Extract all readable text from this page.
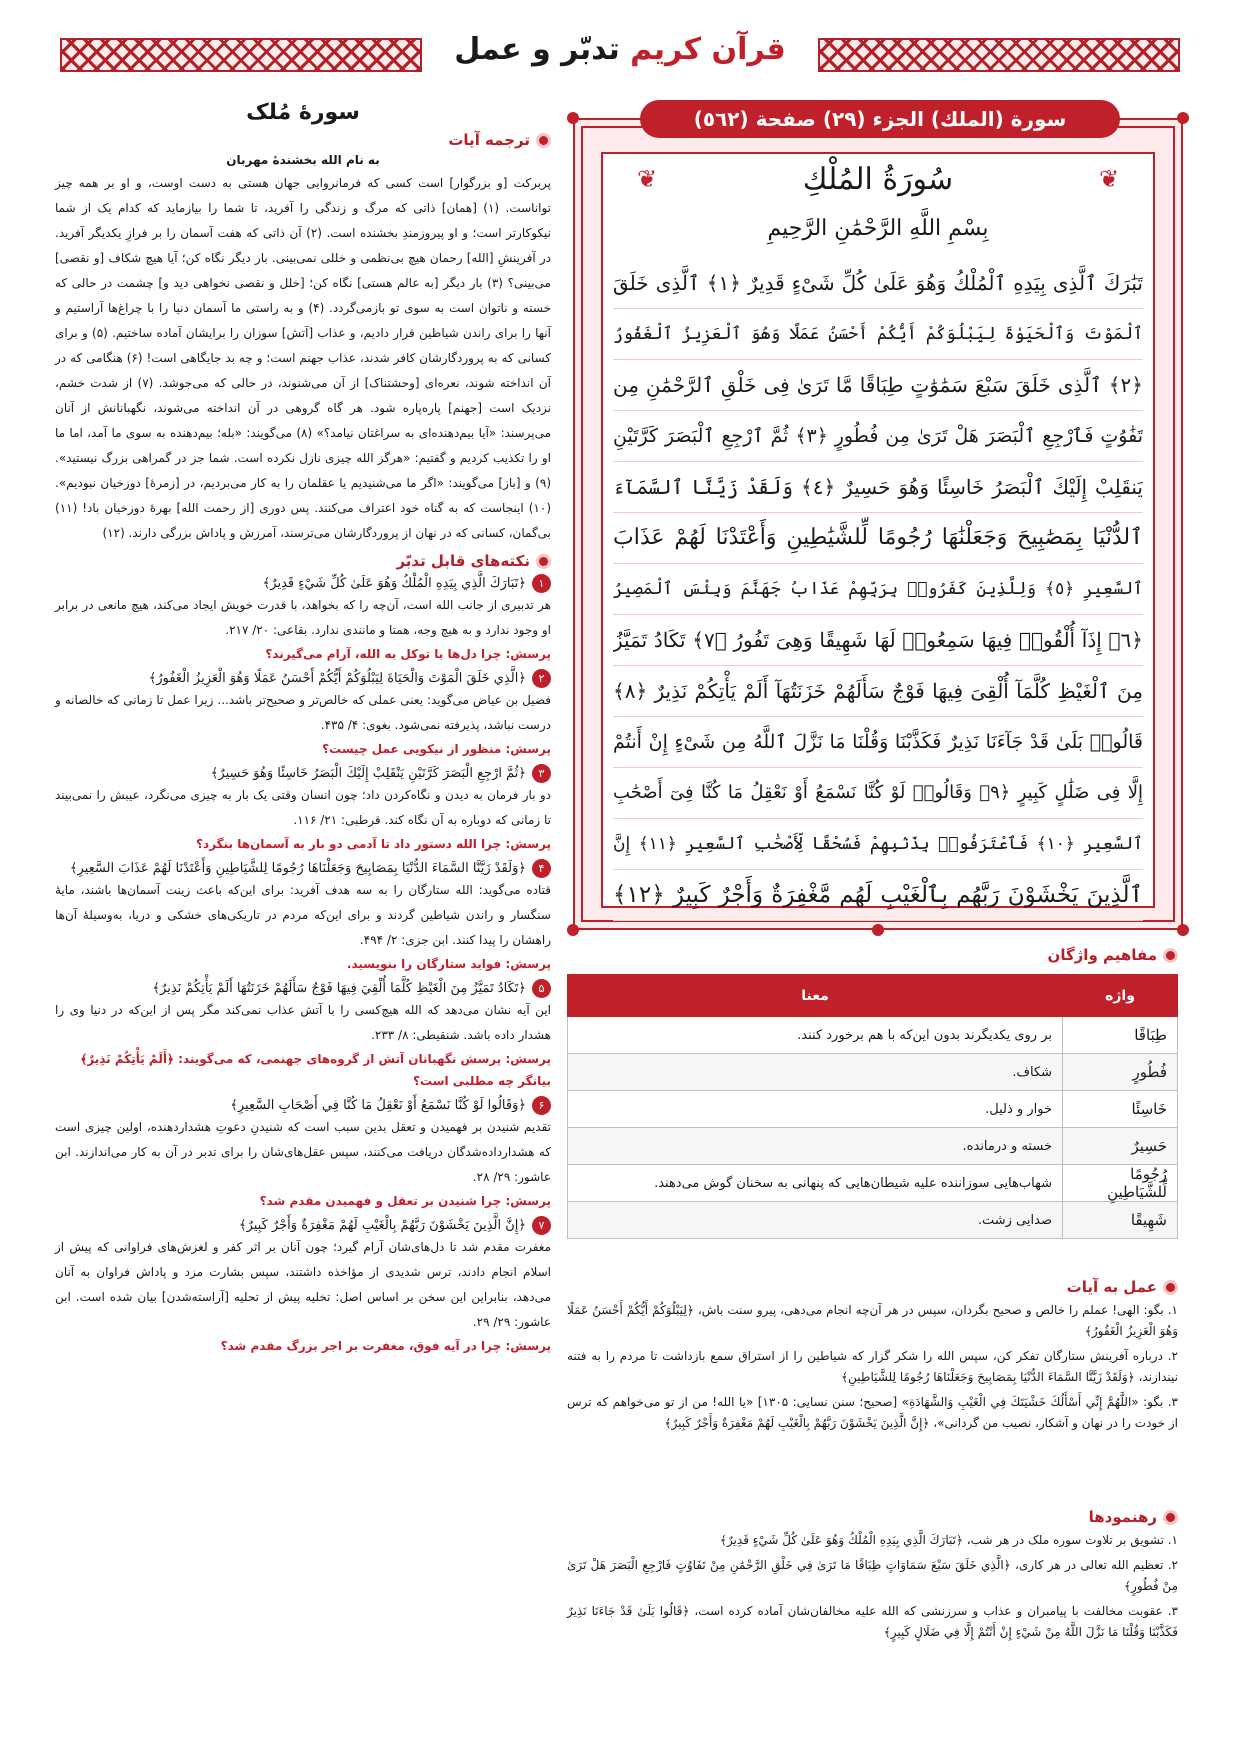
قرآن کریم تدبّر و عمل
سورة (الملك) الجزء (٢٩) صفحة (٥٦٢)
❦	❦
سُورَةُ المُلْكِ
بِسْمِ اللَّهِ الرَّحْمَٰنِ الرَّحِيمِ
تَبَٰرَكَ ٱلَّذِى بِيَدِهِ ٱلْمُلْكُ وَهُوَ عَلَىٰ كُلِّ شَىْءٍ قَدِيرٌ ﴿١﴾ ٱلَّذِى خَلَقَ
ٱلْمَوْتَ وَٱلْحَيَوٰةَ لِيَبْلُوَكُمْ أَيُّكُمْ أَحْسَنُ عَمَلًا وَهُوَ ٱلْعَزِيزُ ٱلْغَفُورُ
﴿٢﴾ ٱلَّذِى خَلَقَ سَبْعَ سَمَٰوَٰتٍ طِبَاقًا مَّا تَرَىٰ فِى خَلْقِ ٱلرَّحْمَٰنِ مِن
تَفَٰوُتٍ فَٱرْجِعِ ٱلْبَصَرَ هَلْ تَرَىٰ مِن فُطُورٍ ﴿٣﴾ ثُمَّ ٱرْجِعِ ٱلْبَصَرَ كَرَّتَيْنِ
يَنقَلِبْ إِلَيْكَ ٱلْبَصَرُ خَاسِئًا وَهُوَ حَسِيرٌ ﴿٤﴾ وَلَقَدْ زَيَّنَّا ٱلسَّمَآءَ
ٱلدُّنْيَا بِمَصَٰبِيحَ وَجَعَلْنَٰهَا رُجُومًا لِّلشَّيَٰطِينِ وَأَعْتَدْنَا لَهُمْ عَذَابَ
ٱلسَّعِيرِ ﴿٥﴾ وَلِلَّذِينَ كَفَرُوا۟ بِرَبِّهِمْ عَذَابُ جَهَنَّمَ وَبِئْسَ ٱلْمَصِيرُ
﴿٦﴾ إِذَآ أُلْقُوا۟ فِيهَا سَمِعُوا۟ لَهَا شَهِيقًا وَهِىَ تَفُورُ ﴿٧﴾ تَكَادُ تَمَيَّزُ
مِنَ ٱلْغَيْظِ كُلَّمَآ أُلْقِىَ فِيهَا فَوْجٌ سَأَلَهُمْ خَزَنَتُهَآ أَلَمْ يَأْتِكُمْ نَذِيرٌ ﴿٨﴾
قَالُوا۟ بَلَىٰ قَدْ جَآءَنَا نَذِيرٌ فَكَذَّبْنَا وَقُلْنَا مَا نَزَّلَ ٱللَّهُ مِن شَىْءٍ إِنْ أَنتُمْ
إِلَّا فِى ضَلَٰلٍ كَبِيرٍ ﴿٩﴾ وَقَالُوا۟ لَوْ كُنَّا نَسْمَعُ أَوْ نَعْقِلُ مَا كُنَّا فِىٓ أَصْحَٰبِ
ٱلسَّعِيرِ ﴿١٠﴾ فَٱعْتَرَفُوا۟ بِذَنۢبِهِمْ فَسُحْقًا لِّأَصْحَٰبِ ٱلسَّعِيرِ ﴿١١﴾ إِنَّ
ٱلَّذِينَ يَخْشَوْنَ رَبَّهُم بِٱلْغَيْبِ لَهُم مَّغْفِرَةٌ وَأَجْرٌ كَبِيرٌ ﴿١٢﴾
مفاهیم واژگان
واژه	معنا
طِبَاقًا	بر روی یکدیگرند بدون این‌که با هم برخورد کنند.
فُطُورٍ	شکاف.
خَاسِئًا	خوار و ذلیل.
حَسِيرٌ	خسته و درمانده.
رُجُومًا لِّلشَّيَاطِينِ	شهاب‌هایی سوزاننده علیه شیطان‌هایی که پنهانی به سخنان گوش می‌دهند.
شَهِيقًا	صدایی زشت.
عمل به آیات
۱. بگو: الهی! عملم را خالص و صحیح بگردان، سپس در هر آن‌چه انجام می‌دهی، پیرو سنت باش، ﴿لِيَبْلُوَكُمْ أَيُّكُمْ أَحْسَنُ عَمَلًا وَهُوَ الْعَزِيزُ الْغَفُورُ﴾
۲. درباره آفرینش ستارگان تفکر کن، سپس الله را شکر گزار که شیاطین را از استراق سمع بازداشت تا مردم را به فتنه نیندازند، ﴿وَلَقَدْ زَيَّنَّا السَّمَاءَ الدُّنْيَا بِمَصَابِيحَ وَجَعَلْنَاهَا رُجُومًا لِلشَّيَاطِينِ﴾
۳. بگو: «اللَّهُمَّ إِنِّي أَسْأَلُكَ خَشْيَتَكَ فِي الْغَيْبِ وَالشَّهَادَةِ» [صحیح؛ سنن نسایی: ۱۳۰۵] «یا الله! من از تو می‌خواهم که ترس از خودت را در نهان و آشکار، نصیب من گردانی»، ﴿إِنَّ الَّذِينَ يَخْشَوْنَ رَبَّهُمْ بِالْغَيْبِ لَهُمْ مَغْفِرَةٌ وَأَجْرٌ كَبِيرٌ﴾
رهنمودها
۱. تشویق بر تلاوت سوره ملک در هر شب، ﴿تَبَارَكَ الَّذِي بِيَدِهِ الْمُلْكُ وَهُوَ عَلَىٰ كُلِّ شَيْءٍ قَدِيرٌ﴾
۲. تعظیم الله تعالی در هر کاری، ﴿الَّذِي خَلَقَ سَبْعَ سَمَاوَاتٍ طِبَاقًا مَا تَرَىٰ فِي خَلْقِ الرَّحْمَٰنِ مِنْ تَفَاوُتٍ فَارْجِعِ الْبَصَرَ هَلْ تَرَىٰ مِنْ فُطُورٍ﴾
۳. عقوبت مخالفت با پیامبران و عذاب و سرزنشی که الله علیه مخالفان‌شان آماده کرده است، ﴿قَالُوا بَلَىٰ قَدْ جَاءَنَا نَذِيرٌ فَكَذَّبْنَا وَقُلْنَا مَا نَزَّلَ اللَّهُ مِنْ شَيْءٍ إِنْ أَنْتُمْ إِلَّا فِي ضَلَالٍ كَبِيرٍ﴾
سورهٔ مُلک
ترجمه آیات
به نام الله بخشندهٔ مهربان
پربرکت [و بزرگوار] است کسی که فرمانروایی جهان هستی به دست اوست، و او بر همه چیز تواناست. (۱) [همان] ذاتی که مرگ و زندگی را آفرید، تا شما را بیازماید که کدام یک از شما نیکوکارتر است؛ و او پیروزمندِ بخشنده است. (۲) آن ذاتی که هفت آسمان را بر فرازِ یکدیگر آفرید. در آفرینشِ [الله] رحمان هیچ بی‌نظمی و خللی نمی‌بینی. بار دیگر نگاه کن؛ آیا هیچ شکاف [و نقصی] می‌بینی؟ (۳) بار دیگر [به عالم هستی] نگاه کن؛ [خلل و نقصی نخواهی دید و] چشمت در حالی که خسته و ناتوان است به سوی تو بازمی‌گردد. (۴) و به راستی ما آسمان دنیا را با چراغ‌ها آراستیم و آنها را برای راندن شیاطین قرار دادیم، و عذاب [آتش] سوزان را برایشان آماده ساختیم. (۵) و برای کسانی که به پروردگارشان کافر شدند، عذاب جهنم است؛ و چه بد جایگاهی است! (۶) هنگامی که در آن انداخته شوند، نعره‌ای [وحشتناک] از آن می‌شنوند، در حالی که می‌جوشد. (۷) از شدت خشم، نزدیک است [جهنم] پاره‌پاره شود. هر گاه گروهی در آن انداخته می‌شوند، نگهبانانش از آنان می‌پرسند: «آیا بیم‌دهنده‌ای به سراغتان نیامد؟» (۸) می‌گویند: «بله؛ بیم‌دهنده به سوی ما آمد، اما ما او را تکذیب کردیم و گفتیم: «هرگز الله چیزی نازل نکرده است. شما جز در گمراهی بزرگ نیستید». (۹) و [باز] می‌گویند: «اگر ما می‌شنیدیم یا عقلمان را به کار می‌بردیم، در [زمرهٔ] دوزخیان نبودیم». (۱۰) اینجاست که به گناه خود اعتراف می‌کنند. پس دوری [از رحمت الله] بهرهٔ دوزخیان باد! (۱۱) بی‌گمان، کسانی که در نهان از پروردگارشان می‌ترسند، آمرزش و پاداش بزرگی دارند. (۱۲)
نکته‌های قابل تدبّر
۱
﴿تَبَارَكَ الَّذِي بِيَدِهِ الْمُلْكُ وَهُوَ عَلَىٰ كُلِّ شَيْءٍ قَدِيرٌ﴾
هر تدبیری از جانب الله است، آن‌چه را که بخواهد، با قدرت خویش ایجاد می‌کند، هیچ مانعی در برابر او وجود ندارد و به هیچ وجه، همتا و مانندی ندارد. بقاعی: ۲۰/ ۲۱۷.
پرسش: چرا دل‌ها با توکل به الله، آرام می‌گیرند؟
۲
﴿الَّذِي خَلَقَ الْمَوْتَ وَالْحَيَاةَ لِيَبْلُوَكُمْ أَيُّكُمْ أَحْسَنُ عَمَلًا وَهُوَ الْعَزِيزُ الْغَفُورُ﴾
فضیل بن عیاض می‌گوید: یعنی عملی که خالص‌تر و صحیح‌تر باشد... زیرا عمل تا زمانی که خالصانه و درست نباشد، پذیرفته نمی‌شود. بغوی: ۴/ ۴۳۵.
پرسش: منظور از نیکویی عمل چیست؟
۳
﴿ثُمَّ ارْجِعِ الْبَصَرَ كَرَّتَيْنِ يَنْقَلِبْ إِلَيْكَ الْبَصَرُ خَاسِئًا وَهُوَ حَسِيرٌ﴾
دو بار فرمان به دیدن و نگاه‌کردن داد؛ چون انسان وقتی یک بار به چیزی می‌نگرد، عیبش را نمی‌بیند تا زمانی که دوباره به آن نگاه کند. قرطبی: ۲۱/ ۱۱۶.
پرسش: چرا الله دستور داد تا آدمی دو بار به آسمان‌ها بنگرد؟
۴
﴿وَلَقَدْ زَيَّنَّا السَّمَاءَ الدُّنْيَا بِمَصَابِيحَ وَجَعَلْنَاهَا رُجُومًا لِلشَّيَاطِينِ وَأَعْتَدْنَا لَهُمْ عَذَابَ السَّعِيرِ﴾
قتاده می‌گوید: الله ستارگان را به سه هدف آفرید: برای این‌که باعث زینت آسمان‌ها باشند، مایهٔ سنگسار و راندن شیاطین گردند و برای این‌که مردم در تاریکی‌های خشکی و دریا، به‌وسیلهٔ آن‌ها راهشان را پیدا کنند. ابن جزی: ۲/ ۴۹۴.
پرسش: فواید ستارگان را بنویسید.
۵
﴿تَكَادُ تَمَيَّزُ مِنَ الْغَيْظِ كُلَّمَا أُلْقِيَ فِيهَا فَوْجٌ سَأَلَهُمْ خَزَنَتُهَا أَلَمْ يَأْتِكُمْ نَذِيرٌ﴾
این آیه نشان می‌دهد که الله هیچ‌کسی را با آتش عذاب نمی‌کند مگر پس از این‌که در دنیا وی را هشدار داده باشد. شنقیطی: ۸/ ۲۳۳.
پرسش: پرسش نگهبانان آتش از گروه‌های جهنمی، که می‌گویند: ﴿أَلَمْ يَأْتِكُمْ نَذِيرٌ﴾ بیانگر چه مطلبی است؟
۶
﴿وَقَالُوا لَوْ كُنَّا نَسْمَعُ أَوْ نَعْقِلُ مَا كُنَّا فِي أَصْحَابِ السَّعِيرِ﴾
تقدیم شنیدن بر فهمیدن و تعقل بدین سبب است که شنیدنِ دعوتِ هشداردهنده، اولین چیزی است که هشداردادە‌شدگان دریافت می‌کنند، سپس عقل‌های‌شان را برای تدبر در آن به کار می‌اندازند. ابن عاشور: ۲۹/ ۲۸.
پرسش: چرا شنیدن بر تعقل و فهمیدن مقدم شد؟
۷
﴿إِنَّ الَّذِينَ يَخْشَوْنَ رَبَّهُمْ بِالْغَيْبِ لَهُمْ مَغْفِرَةٌ وَأَجْرٌ كَبِيرٌ﴾
مغفرت مقدم شد تا دل‌های‌شان آرام گیرد؛ چون آنان بر اثر کفر و لغزش‌های فراوانی که پیش از اسلام انجام دادند، ترس شدیدی از مؤاخذه داشتند، سپس بشارت مزد و پاداش فراوان به آنان می‌دهد، بنابراین این سخن بر اساس اصل: تخلیه پیش از تحلیه [آراسته‌شدن] بیان شده است. ابن عاشور: ۲۹/ ۲۹.
پرسش: چرا در آیه فوق، مغفرت بر اجر بزرگ مقدم شد؟
